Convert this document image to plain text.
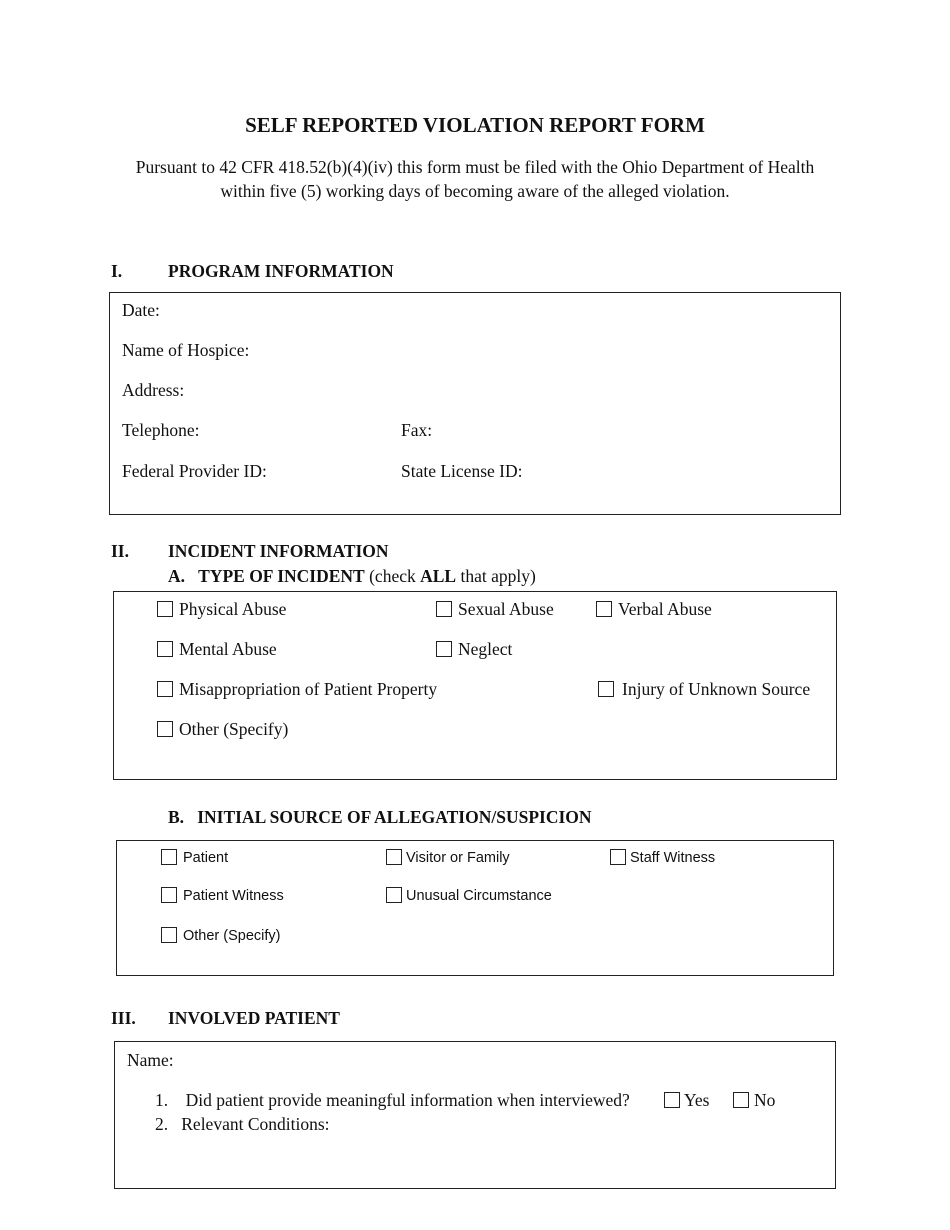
SELF REPORTED VIOLATION REPORT FORM
Pursuant to 42 CFR 418.52(b)(4)(iv) this form must be filed with the Ohio Department of Health
within five (5) working days of becoming aware of the alleged violation.
I.	PROGRAM INFORMATION
Date:
Name of Hospice:
Address:
Telephone:	Fax:
Federal Provider ID:	State License ID:
II. INCIDENT INFORMATION
A. TYPE OF INCIDENT (check ALL that apply)
Physical Abuse	Sexual Abuse	Verbal Abuse
Mental Abuse	Neglect
Misappropriation of Patient Property	Injury of Unknown Source
Other (Specify)
B. INITIAL SOURCE OF ALLEGATION/SUSPICION
Patient	Visitor or Family	Staff Witness
Patient Witness	Unusual Circumstance
Other (Specify)
III. INVOLVED PATIENT
Name:
1. Did patient provide meaningful information when interviewed?	Yes	No
2. Relevant Conditions:
